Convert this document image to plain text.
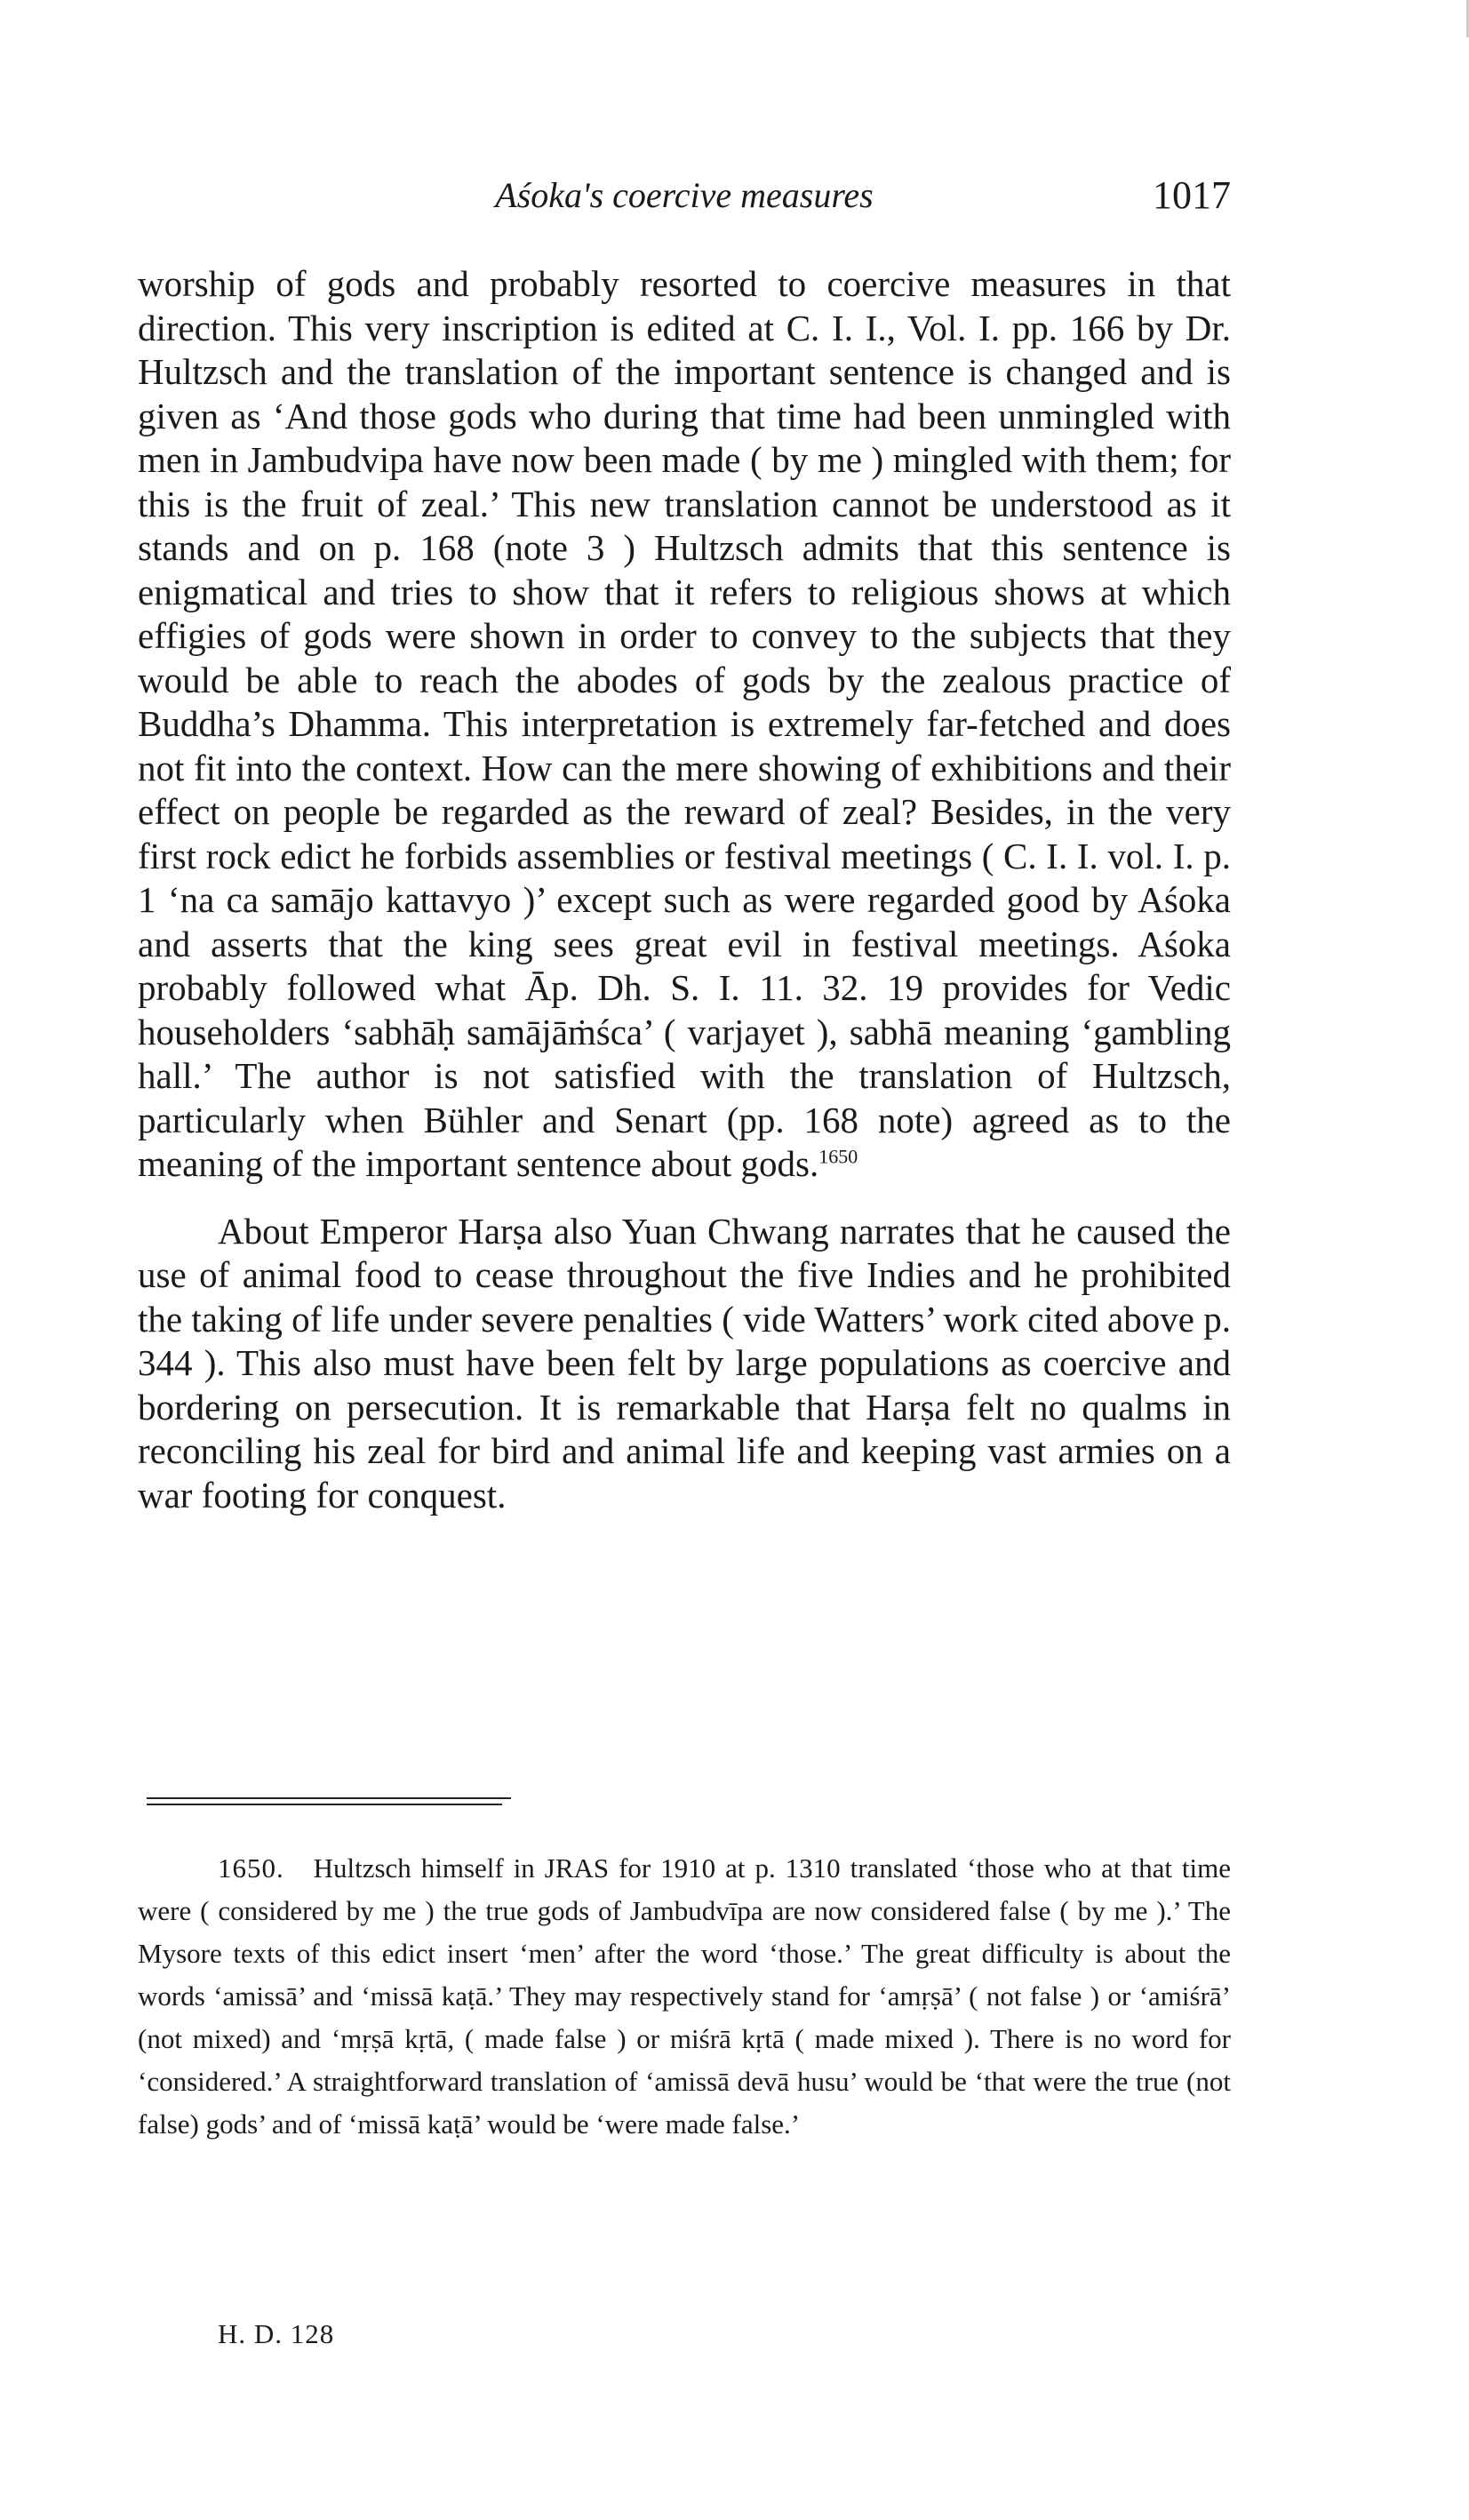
Aśoka's coercive measures	1017

worship of gods and probably resorted to coercive measures in that direction. This very inscription is edited at C. I. I., Vol. I. pp. 166 by Dr. Hultzsch and the translation of the important sentence is changed and is given as ‘And those gods who during that time had been unmingled with men in Jambudvipa have now been made ( by me ) mingled with them; for this is the fruit of zeal.’ This new translation cannot be understood as it stands and on p. 168 (note 3 ) Hultzsch admits that this sentence is enigmatical and tries to show that it refers to religious shows at which effigies of gods were shown in order to convey to the subjects that they would be able to reach the abodes of gods by the zealous practice of Buddha’s Dhamma. This interpretation is extremely far-fetched and does not fit into the context. How can the mere showing of exhibitions and their effect on people be regarded as the reward of zeal? Besides, in the very first rock edict he forbids assemblies or festival meetings ( C. I. I. vol. I. p. 1 ‘na ca samājo kattavyo )’ except such as were regarded good by Aśoka and asserts that the king sees great evil in festival meetings. Aśoka probably followed what Āp. Dh. S. I. 11. 32. 19 provides for Vedic householders ‘sabhāḥ samājāṁśca’ ( varjayet ), sabhā meaning ‘gambling hall.’ The author is not satisfied with the translation of Hultzsch, particularly when Bühler and Senart (pp. 168 note) agreed as to the meaning of the important sentence about gods.$^{1650}$

About Emperor Harṣa also Yuan Chwang narrates that he caused the use of animal food to cease throughout the five Indies and he prohibited the taking of life under severe penalties ( vide Watters’ work cited above p. 344 ). This also must have been felt by large populations as coercive and bordering on persecution. It is remarkable that Harṣa felt no qualms in reconciling his zeal for bird and animal life and keeping vast armies on a war footing for conquest.

1650. Hultzsch himself in JRAS for 1910 at p. 1310 translated ‘those who at that time were ( considered by me ) the true gods of Jambudvīpa are now considered false ( by me ).’ The Mysore texts of this edict insert ‘men’ after the word ‘those.’ The great difficulty is about the words ‘amissā’ and ‘missā kaṭā.’ They may respectively stand for ‘amṛṣā’ ( not false ) or ‘amiśrā’ (not mixed) and ‘mṛṣā kṛtā, ( made false ) or miśrā kṛtā ( made mixed ). There is no word for ‘considered.’ A straightforward translation of ‘amissā devā husu’ would be ‘that were the true (not false) gods’ and of ‘missā kaṭā’ would be ‘were made false.’

H. D. 128
